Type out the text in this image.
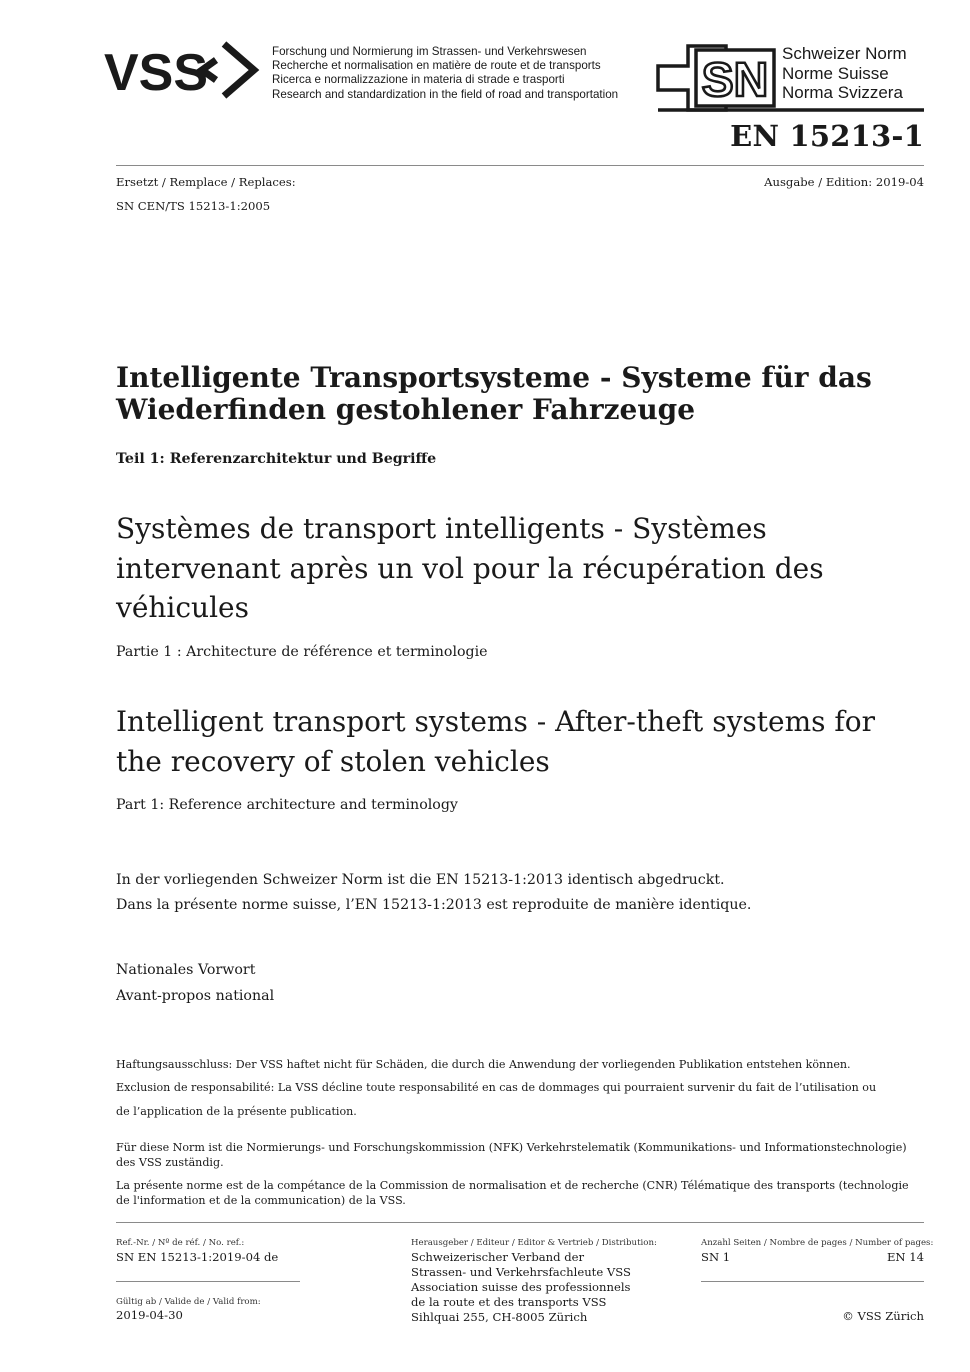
VSS	Forschung und Normierung im Strassen- und Verkehrswesen
Recherche et normalisation en matière de route et de transports
Ricerca e normalizzazione in materia di strade e trasporti
Research and standardization in the field of road and transportation SN
Schweizer Norm
Norme Suisse
Norma Svizzera
EN 15213-1
Ersetzt / Remplace / Replaces:
SN CEN/TS 15213-1:2005
Ausgabe / Edition: 2019-04
Intelligente Transportsysteme - Systeme für das Wiederfinden gestohlener Fahrzeuge
Teil 1: Referenzarchitektur und Begriffe
Systèmes de transport intelligents - Systèmes intervenant après un vol pour la récupération des véhicules
Partie 1 : Architecture de référence et terminologie
Intelligent transport systems - After-theft systems for the recovery of stolen vehicles
Part 1: Reference architecture and terminology
In der vorliegenden Schweizer Norm ist die EN 15213-1:2013 identisch abgedruckt.
Dans la présente norme suisse, l’EN 15213-1:2013 est reproduite de manière identique.
Nationales Vorwort
Avant-propos national
Haftungsausschluss: Der VSS haftet nicht für Schäden, die durch die Anwendung der vorliegenden Publikation entstehen können.
Exclusion de responsabilité: La VSS décline toute responsabilité en cas de dommages qui pourraient survenir du fait de l’utilisation ou
de l’application de la présente publication.
Für diese Norm ist die Normierungs- und Forschungskommission (NFK) Verkehrstelematik (Kommunikations- und Informationstechnologie) des VSS zuständig.
La présente norme est de la compétance de la Commission de normalisation et de recherche (CNR) Télématique des transports (technologie de l'information et de la communication) de la VSS.
Ref.-Nr. / Nº de réf. / No. ref.:
SN EN 15213-1:2019-04 de
Gültig ab / Valide de / Valid from:
2019-04-30
Herausgeber / Editeur / Editor & Vertrieb / Distribution:
Schweizerischer Verband der
Strassen- und Verkehrsfachleute VSS
Association suisse des professionnels
de la route et des transports VSS
Sihlquai 255, CH-8005 Zürich
Anzahl Seiten / Nombre de pages / Number of pages:
SN 1	EN 14
© VSS Zürich
